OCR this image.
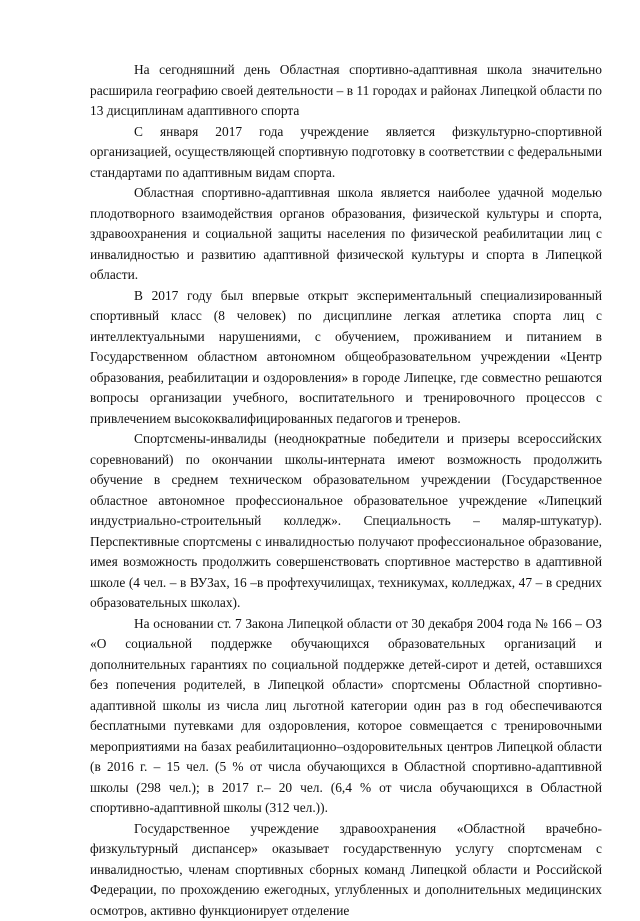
На сегодняшний день Областная спортивно-адаптивная школа значительно расширила географию своей деятельности – в 11 городах и районах Липецкой области по 13 дисциплинам адаптивного спорта

С января 2017 года учреждение является физкультурно-спортивной организацией, осуществляющей спортивную подготовку в соответствии с федеральными стандартами по адаптивным видам спорта.

Областная спортивно-адаптивная школа является наиболее удачной моделью плодотворного взаимодействия органов образования, физической культуры и спорта, здравоохранения и социальной защиты населения по физической реабилитации лиц с инвалидностью и развитию адаптивной физической культуры и спорта в Липецкой области.

В 2017 году был впервые открыт экспериментальный специализированный спортивный класс (8 человек) по дисциплине легкая атлетика спорта лиц с интеллектуальными нарушениями, с обучением, проживанием и питанием в Государственном областном автономном общеобразовательном учреждении «Центр образования, реабилитации и оздоровления» в городе Липецке, где совместно решаются вопросы организации учебного, воспитательного и тренировочного процессов с привлечением высококвалифицированных педагогов и тренеров.

Спортсмены-инвалиды (неоднократные победители и призеры всероссийских соревнований) по окончании школы-интерната имеют возможность продолжить обучение в среднем техническом образовательном учреждении (Государственное областное автономное профессиональное образовательное учреждение «Липецкий индустриально-строительный колледж». Специальность – маляр-штукатур). Перспективные спортсмены с инвалидностью получают профессиональное образование, имея возможность продолжить совершенствовать спортивное мастерство в адаптивной школе (4 чел. – в ВУЗах, 16 –в профтехучилищах, техникумах, колледжах, 47 – в средних образовательных школах).

На основании ст. 7 Закона Липецкой области от 30 декабря 2004 года № 166 – ОЗ «О социальной поддержке обучающихся образовательных организаций и дополнительных гарантиях по социальной поддержке детей-сирот и детей, оставшихся без попечения родителей, в Липецкой области» спортсмены Областной спортивно-адаптивной школы из числа лиц льготной категории один раз в год обеспечиваются бесплатными путевками для оздоровления, которое совмещается с тренировочными мероприятиями на базах реабилитационно–оздоровительных центров Липецкой области (в 2016 г. – 15 чел. (5 % от числа обучающихся в Областной спортивно-адаптивной школы (298 чел.); в 2017 г.– 20 чел. (6,4 % от числа обучающихся в Областной спортивно-адаптивной школы (312 чел.)).

Государственное учреждение здравоохранения «Областной врачебно-физкультурный диспансер» оказывает государственную услугу спортсменам с инвалидностью, членам спортивных сборных команд Липецкой области и Российской Федерации, по прохождению ежегодных, углубленных и дополнительных медицинских осмотров, активно функционирует отделение
